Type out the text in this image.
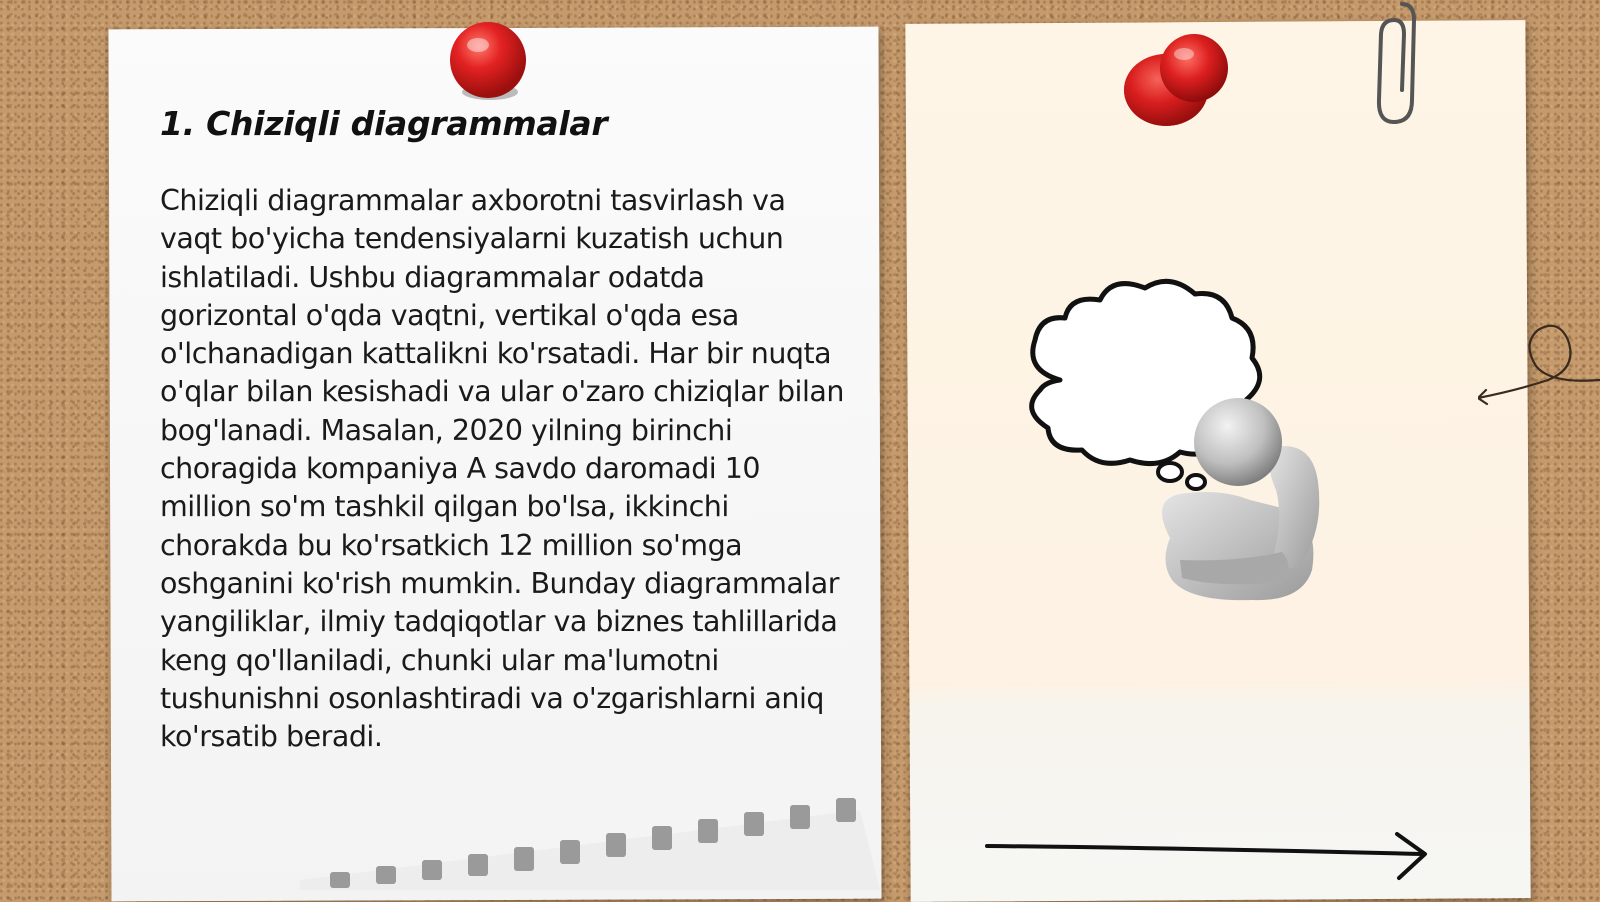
1. Chiziqli diagrammalar

Chiziqli diagrammalar axborotni tasvirlash va vaqt bo'yicha tendensiyalarni kuzatish uchun ishlatiladi. Ushbu diagrammalar odatda gorizontal o'qda vaqtni, vertikal o'qda esa o'lchanadigan kattalikni ko'rsatadi. Har bir nuqta o'qlar bilan kesishadi va ular o'zaro chiziqlar bilan bog'lanadi. Masalan, 2020 yilning birinchi choragida kompaniya A savdo daromadi 10 million so'm tashkil qilgan bo'lsa, ikkinchi chorakda bu ko'rsatkich 12 million so'mga oshganini ko'rish mumkin. Bunday diagrammalar yangiliklar, ilmiy tadqiqotlar va biznes tahlillarida keng qo'llaniladi, chunki ular ma'lumotni tushunishni osonlashtiradi va o'zgarishlarni aniq ko'rsatib beradi.
